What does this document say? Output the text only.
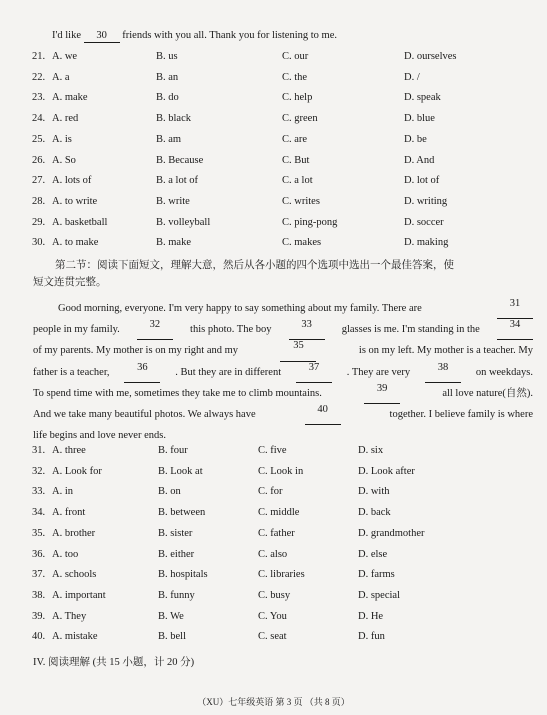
I'd like 30 friends with you all. Thank you for listening to me.
21. A. we	B. us	C. our	D. ourselves
22. A. a	B. an	C. the	D. /
23. A. make	B. do	C. help	D. speak
24. A. red	B. black	C. green	D. blue
25. A. is	B. am	C. are	D. be
26. A. So	B. Because	C. But	D. And
27. A. lots of	B. a lot of	C. a lot	D. lot of
28. A. to write	B. write	C. writes	D. writing
29. A. basketball	B. volleyball	C. ping-pong	D. soccer
30. A. to make	B. make	C. makes	D. making
第二节：阅读下面短文，理解大意，然后从各小题的四个选项中选出一个最佳答案，使
短文连贯完整。
Good morning, everyone. I'm very happy to say something about my family. There are	31
people in my family.	32	this photo. The boy	33	glasses is me. I'm standing in the	34
of my parents. My mother is on my right and my	35	is on my left. My mother is a teacher. My
father is a teacher,	36	. But they are in different	37	. They are very	38	on weekdays.
To spend time with me, sometimes they take me to climb mountains.	39	all love nature(自然).
And we take many beautiful photos. We always have	40	together. I believe family is where
life begins and love never ends.
31. A. three	B. four	C. five	D. six
32. A. Look for	B. Look at	C. Look in	D. Look after
33. A. in	B. on	C. for	D. with
34. A. front	B. between	C. middle	D. back
35. A. brother	B. sister	C. father	D. grandmother
36. A. too	B. either	C. also	D. else
37. A. schools	B. hospitals	C. libraries	D. farms
38. A. important	B. funny	C. busy	D. special
39. A. They	B. We	C. You	D. He
40. A. mistake	B. bell	C. seat	D. fun
IV. 阅读理解 (共 15 小题，计 20 分)
（XU）七年级英语 第 3 页 （共 8 页）
